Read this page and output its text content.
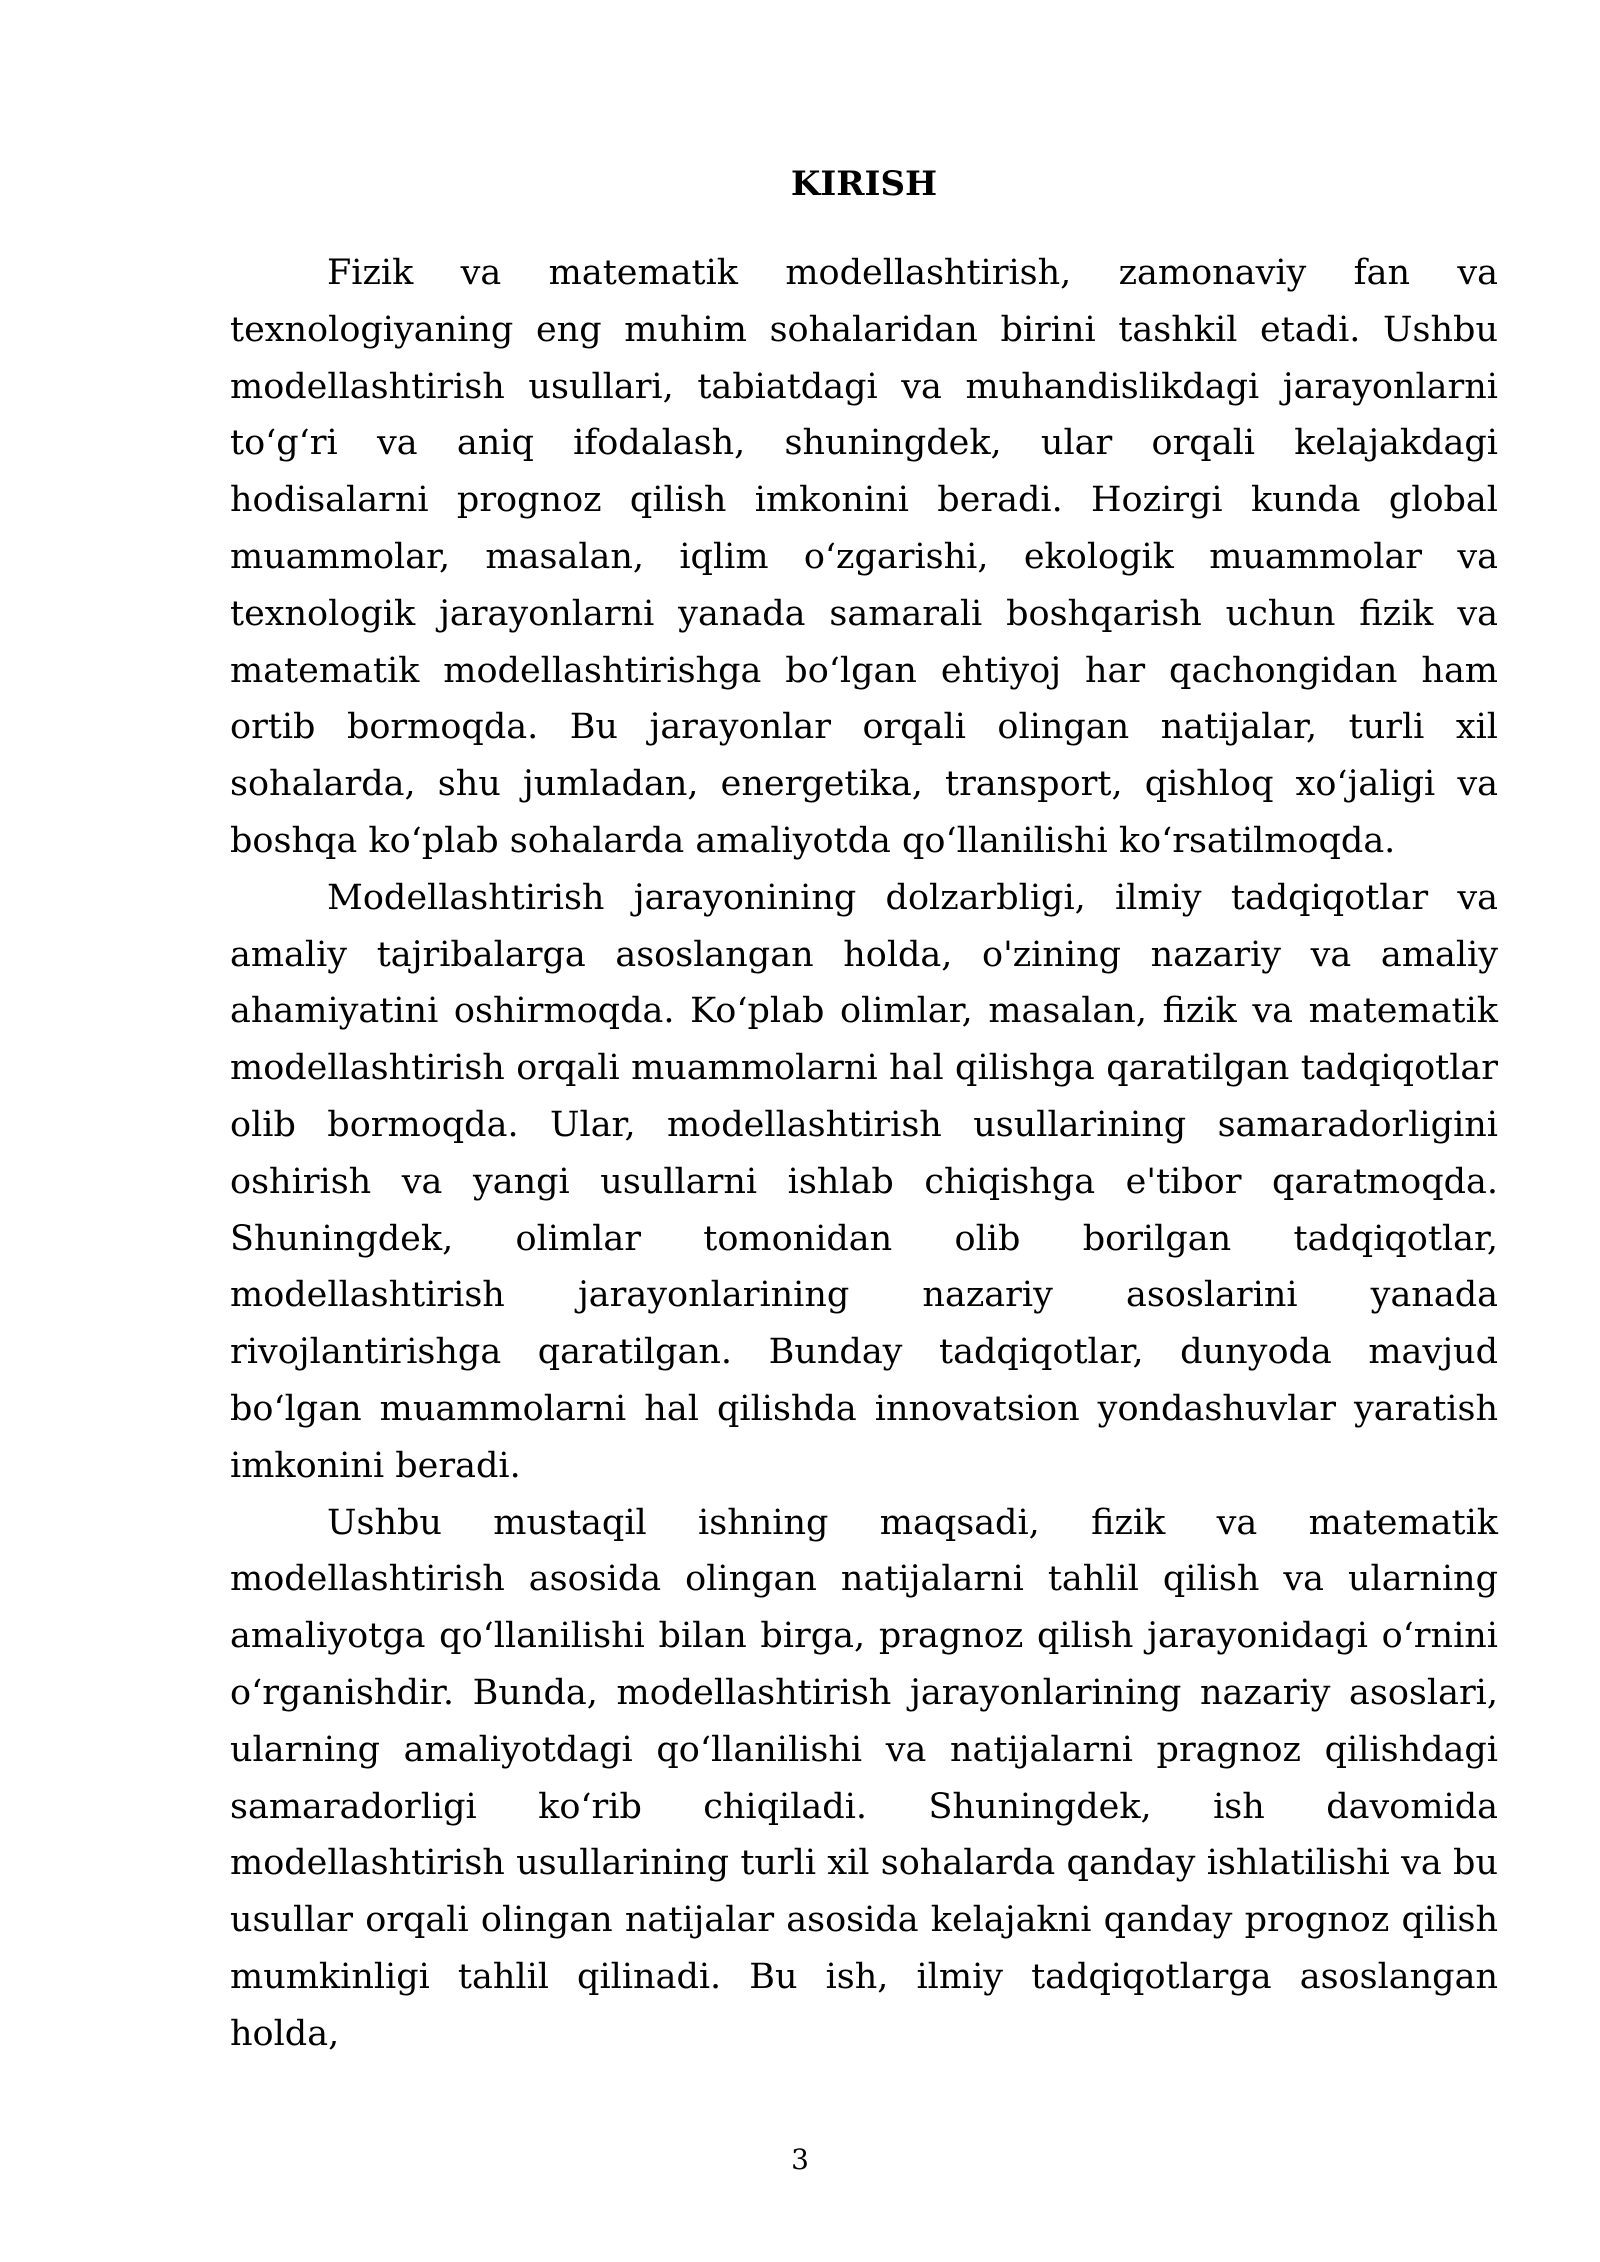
KIRISH

Fizik va matematik modellashtirish, zamonaviy fan va texnologiyaning eng muhim sohalaridan birini tashkil etadi. Ushbu modellashtirish usullari, tabiatdagi va muhandislikdagi jarayonlarni to‘g‘ri va aniq ifodalash, shuningdek, ular orqali kelajakdagi hodisalarni prognoz qilish imkonini beradi. Hozirgi kunda global muammolar, masalan, iqlim o‘zgarishi, ekologik muammolar va texnologik jarayonlarni yanada samarali boshqarish uchun fizik va matematik modellashtirishga bo‘lgan ehtiyoj har qachongidan ham ortib bormoqda. Bu jarayonlar orqali olingan natijalar, turli xil sohalarda, shu jumladan, energetika, transport, qishloq xo‘jaligi va boshqa ko‘plab sohalarda amaliyotda qo‘llanilishi ko‘rsatilmoqda.

Modellashtirish jarayonining dolzarbligi, ilmiy tadqiqotlar va amaliy tajribalarga asoslangan holda, o'zining nazariy va amaliy ahamiyatini oshirmoqda. Ko‘plab olimlar, masalan, fizik va matematik modellashtirish orqali muammolarni hal qilishga qaratilgan tadqiqotlar olib bormoqda. Ular, modellashtirish usullarining samaradorligini oshirish va yangi usullarni ishlab chiqishga e'tibor qaratmoqda. Shuningdek, olimlar tomonidan olib borilgan tadqiqotlar, modellashtirish jarayonlarining nazariy asoslarini yanada rivojlantirishga qaratilgan. Bunday tadqiqotlar, dunyoda mavjud bo‘lgan muammolarni hal qilishda innovatsion yondashuvlar yaratish imkonini beradi.

Ushbu mustaqil ishning maqsadi, fizik va matematik modellashtirish asosida olingan natijalarni tahlil qilish va ularning amaliyotga qo‘llanilishi bilan birga, pragnoz qilish jarayonidagi o‘rnini o‘rganishdir. Bunda, modellashtirish jarayonlarining nazariy asoslari, ularning amaliyotdagi qo‘llanilishi va natijalarni pragnoz qilishdagi samaradorligi ko‘rib chiqiladi. Shuningdek, ish davomida modellashtirish usullarining turli xil sohalarda qanday ishlatilishi va bu usullar orqali olingan natijalar asosida kelajakni qanday prognoz qilish mumkinligi tahlil qilinadi. Bu ish, ilmiy tadqiqotlarga asoslangan holda,

3
